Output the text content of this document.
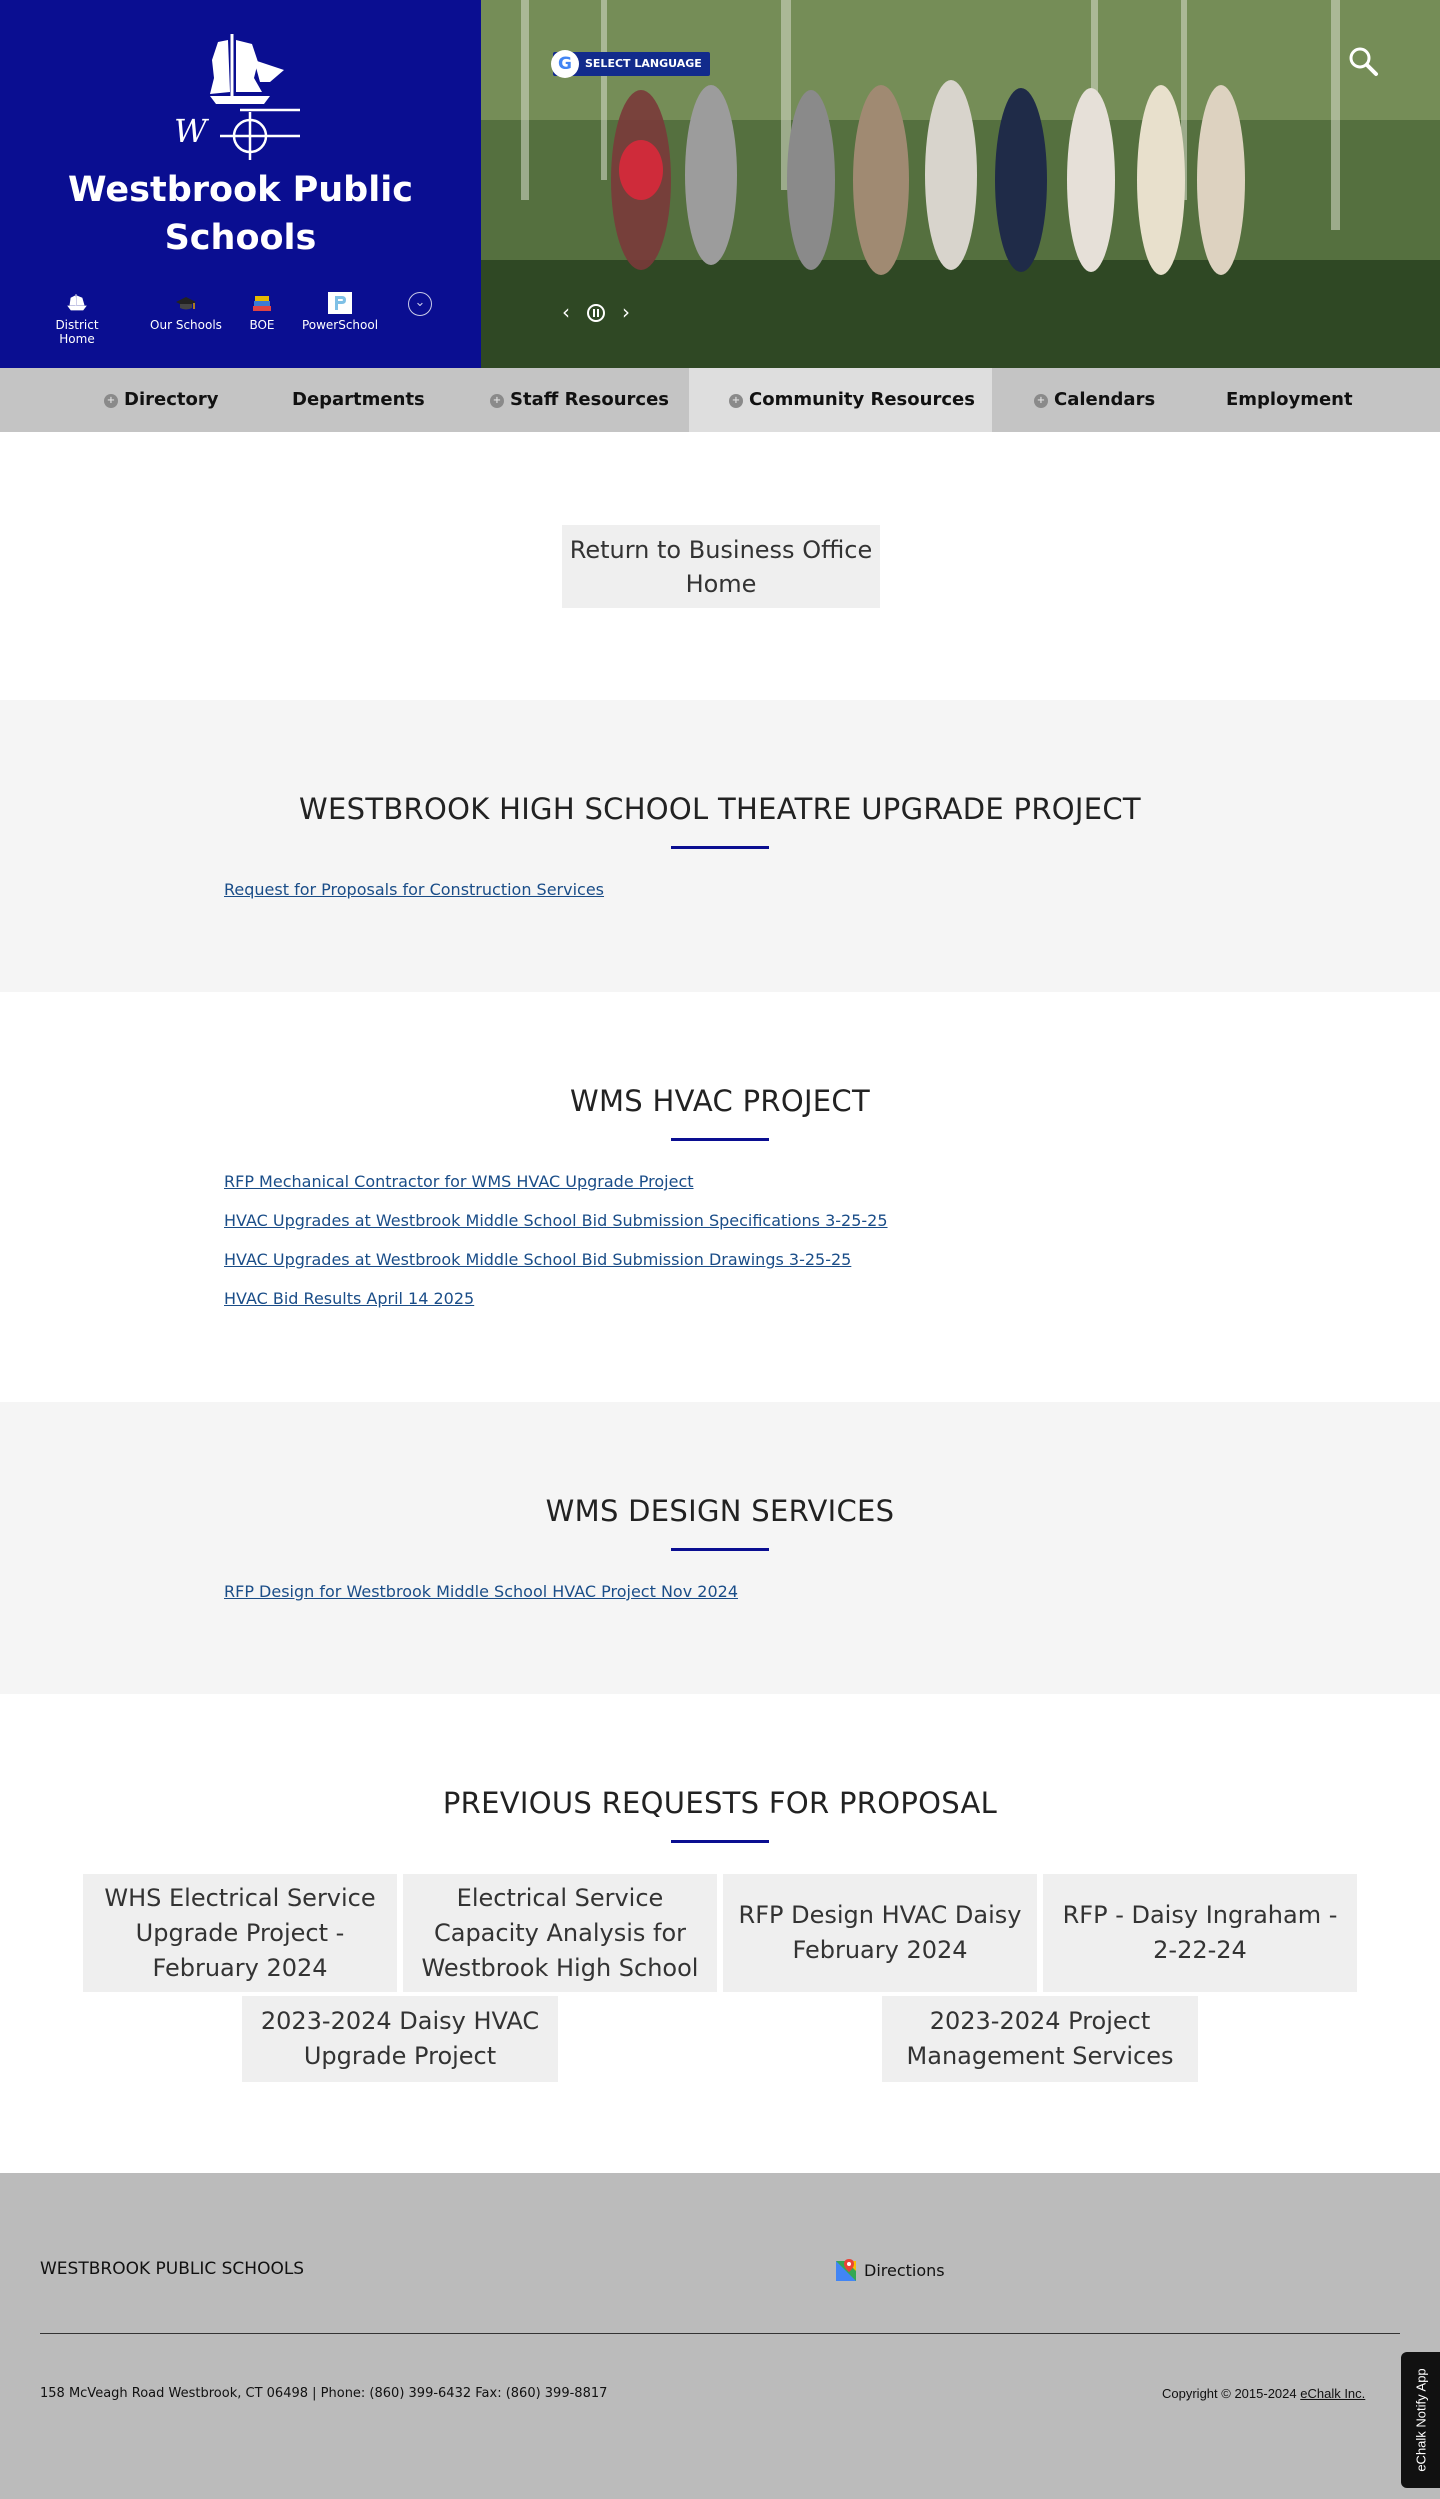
W
Westbrook Public Schools
District Home
Our Schools	BOE	PowerSchool
⌄
G	SELECT LANGUAGE
‹	›
+ Directory	Departments	+ Staff Resources	+ Community Resources	+ Calendars	Employment
Return to Business Office Home
WESTBROOK HIGH SCHOOL THEATRE UPGRADE PROJECT
Request for Proposals for Construction Services
WMS HVAC PROJECT
RFP Mechanical Contractor for WMS HVAC Upgrade Project
HVAC Upgrades at Westbrook Middle School Bid Submission Specifications 3-25-25
HVAC Upgrades at Westbrook Middle School Bid Submission Drawings 3-25-25
HVAC Bid Results April 14 2025
WMS DESIGN SERVICES
RFP Design for Westbrook Middle School HVAC Project Nov 2024
PREVIOUS REQUESTS FOR PROPOSAL
WHS Electrical Service Upgrade Project - February 2024
Electrical Service Capacity Analysis for Westbrook High School
RFP Design HVAC Daisy February 2024
RFP - Daisy Ingraham - 2-22-24
2023-2024 Daisy HVAC Upgrade Project
2023-2024 Project Management Services
WESTBROOK PUBLIC SCHOOLS	Directions
158 McVeagh Road Westbrook, CT 06498 | Phone: (860) 399-6432 Fax: (860) 399-8817	Copyright © 2015-2024 eChalk Inc.	eChalk Notify App
